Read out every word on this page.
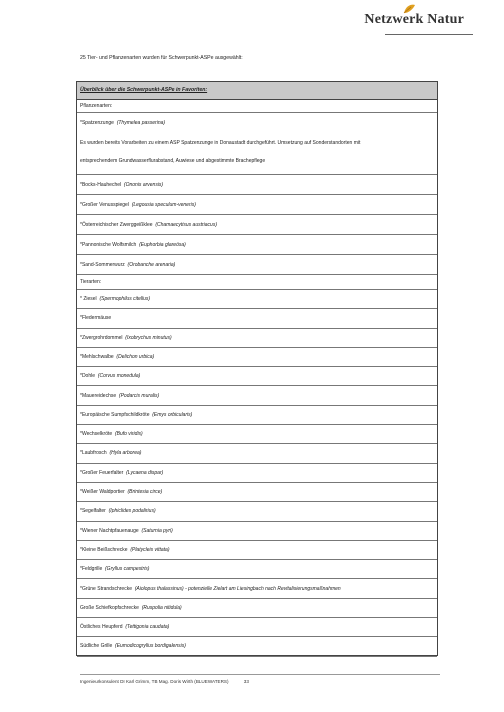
Netzwerk Natur
25 Tier- und Pflanzenarten wurden für Schwerpunkt-ASPe ausgewählt:
Überblick über die Schwerpunkt-ASPe in Favoriten:
Pflanzenarten:
*Spatzenzunge (Thymelea passerina)
Es wurden bereits Vorarbeiten zu einem ASP Spatzenzunge in Donaustadt durchgeführt. Umsetzung auf Sonderstandorten mit
entsprechendem Grundwasserflurabstand, Auwiese und abgestimmte Brachepflege
*Bocks-Hauhechel (Ononis arvensis)
*Großer Venusspiegel (Legousia speculum-veneris)
*Österreichischer Zwerggeißklee (Chamaecytisus austriacus)
*Pannonische Wolfsmilch (Euphorbia glareösa)
*Sand-Sommerwurz (Orobanche arenaria)
Tierarten:
* Ziesel (Spermophilus citellus)
*Fledermäuse
*Zwergrohrdommel (Ixobrychus minutus)
*Mehlschwalbe (Delichon urbica)
*Dohle (Corvus monedula)
*Mauereidechse (Podarcis muralis)
*Europäische Sumpfschildkröte (Emys orbicularis)
*Wechselkröte (Bufo viridis)
*Laubfrosch (Hyla arborea)
*Großer Feuerfalter (Lycaena dispar)
*Weißer Waldportier (Brintesia circe)
*Segelfalter (Iphiclides podalirius)
*Wiener Nachtpfauenauge (Saturnia pyri)
*Kleine Beißschrecke (Platycleis vittata)
*Feldgrille (Gryllus campestris)
*Grüne Strandschrecke (Aiolopus thalassinus) - potenzielle Zielart am Liesingbach nach Revitalisierungsmaßnahmen
Große Schiefkopfschrecke (Ruspolia nitidula)
Östliches Heupferd (Tettigonia caudata)
Südliche Grille (Eumodicogryllus bordigalensis)
Ingenieurkonsulent DI Karl Grimm, TB Mag. Doris Wirth (BLUEWATERS)	33
